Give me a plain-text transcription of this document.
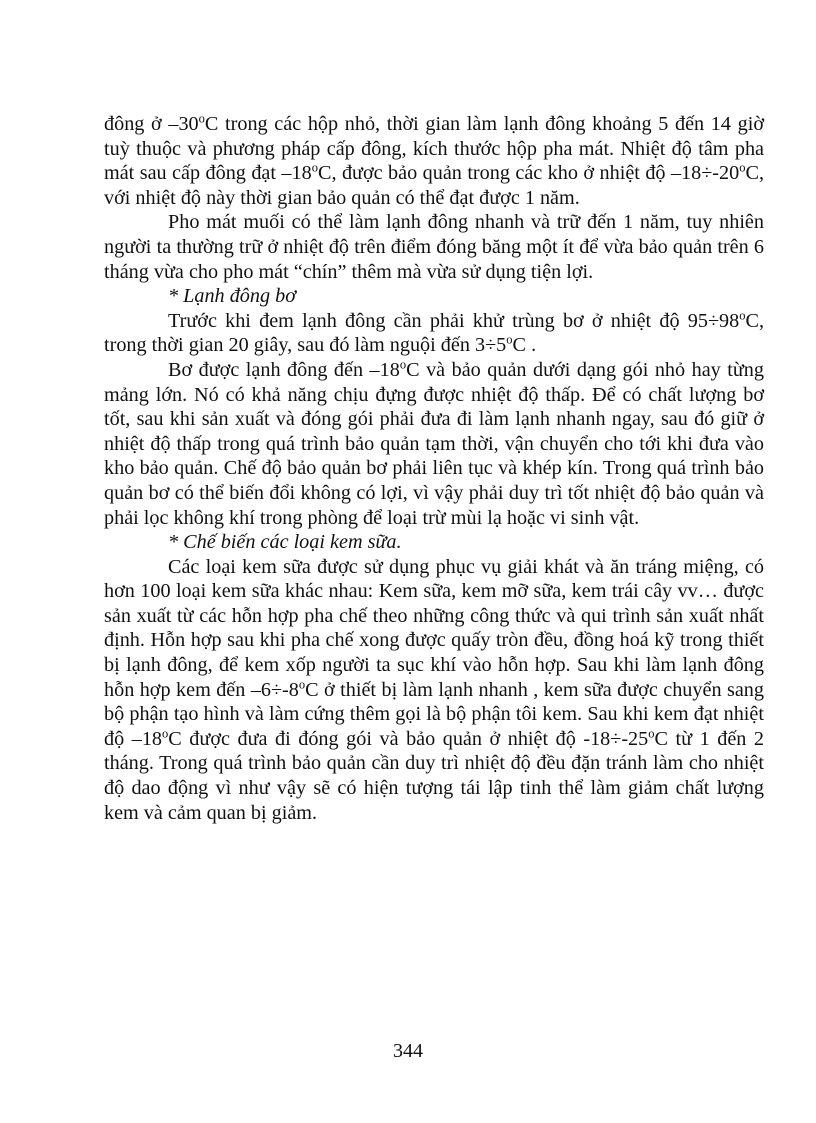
đông ở –30$^o$C trong các hộp nhỏ, thời gian làm lạnh đông khoảng 5 đến 14 giờ tuỳ thuộc và phương pháp cấp đông, kích thước hộp pha mát. Nhiệt độ tâm pha mát sau cấp đông đạt –18$^o$C, được bảo quản trong các kho ở nhiệt độ $-18\div-20^oC$, với nhiệt độ này thời gian bảo quản có thể đạt được 1 năm.

Pho mát muối có thể làm lạnh đông nhanh và trữ đến 1 năm, tuy nhiên người ta thường trữ ở nhiệt độ trên điểm đóng băng một ít để vừa bảo quản trên 6 tháng vừa cho pho mát “chín” thêm mà vừa sử dụng tiện lợi.

* Lạnh đông bơ

Trước khi đem lạnh đông cần phải khử trùng bơ ở nhiệt độ $95\div 98^oC$, trong thời gian 20 giây, sau đó làm nguội đến $3\div 5^oC$ .

Bơ được lạnh đông đến –18$^o$C và bảo quản dưới dạng gói nhỏ hay từng mảng lớn. Nó có khả năng chịu đựng được nhiệt độ thấp. Để có chất lượng bơ tốt, sau khi sản xuất và đóng gói phải đưa đi làm lạnh nhanh ngay, sau đó giữ ở nhiệt độ thấp trong quá trình bảo quản tạm thời, vận chuyển cho tới khi đưa vào kho bảo quản. Chế độ bảo quản bơ phải liên tục và khép kín. Trong quá trình bảo quản bơ có thể biến đổi không có lợi, vì vậy phải duy trì tốt nhiệt độ bảo quản và phải lọc không khí trong phòng để loại trừ mùi lạ hoặc vi sinh vật.

* Chế biến các loại kem sữa.

Các loại kem sữa được sử dụng phục vụ giải khát và ăn tráng miệng, có hơn 100 loại kem sữa khác nhau: Kem sữa, kem mỡ sữa, kem trái cây vv… được sản xuất từ các hỗn hợp pha chế theo những công thức và qui trình sản xuất nhất định. Hỗn hợp sau khi pha chế xong được quấy tròn đều, đồng hoá kỹ trong thiết bị lạnh đông, để kem xốp người ta sục khí vào hỗn hợp. Sau khi làm lạnh đông hỗn hợp kem đến $-6\div-8^oC$ ở thiết bị làm lạnh nhanh , kem sữa được chuyển sang bộ phận tạo hình và làm cứng thêm gọi là bộ phận tôi kem. Sau khi kem đạt nhiệt độ –18$^o$C được đưa đi đóng gói và bảo quản ở nhiệt độ $-18\div-25^oC$ từ 1 đến 2 tháng. Trong quá trình bảo quản cần duy trì nhiệt độ đều đặn tránh làm cho nhiệt độ dao động vì như vậy sẽ có hiện tượng tái lập tinh thể làm giảm chất lượng kem và cảm quan bị giảm.

344
